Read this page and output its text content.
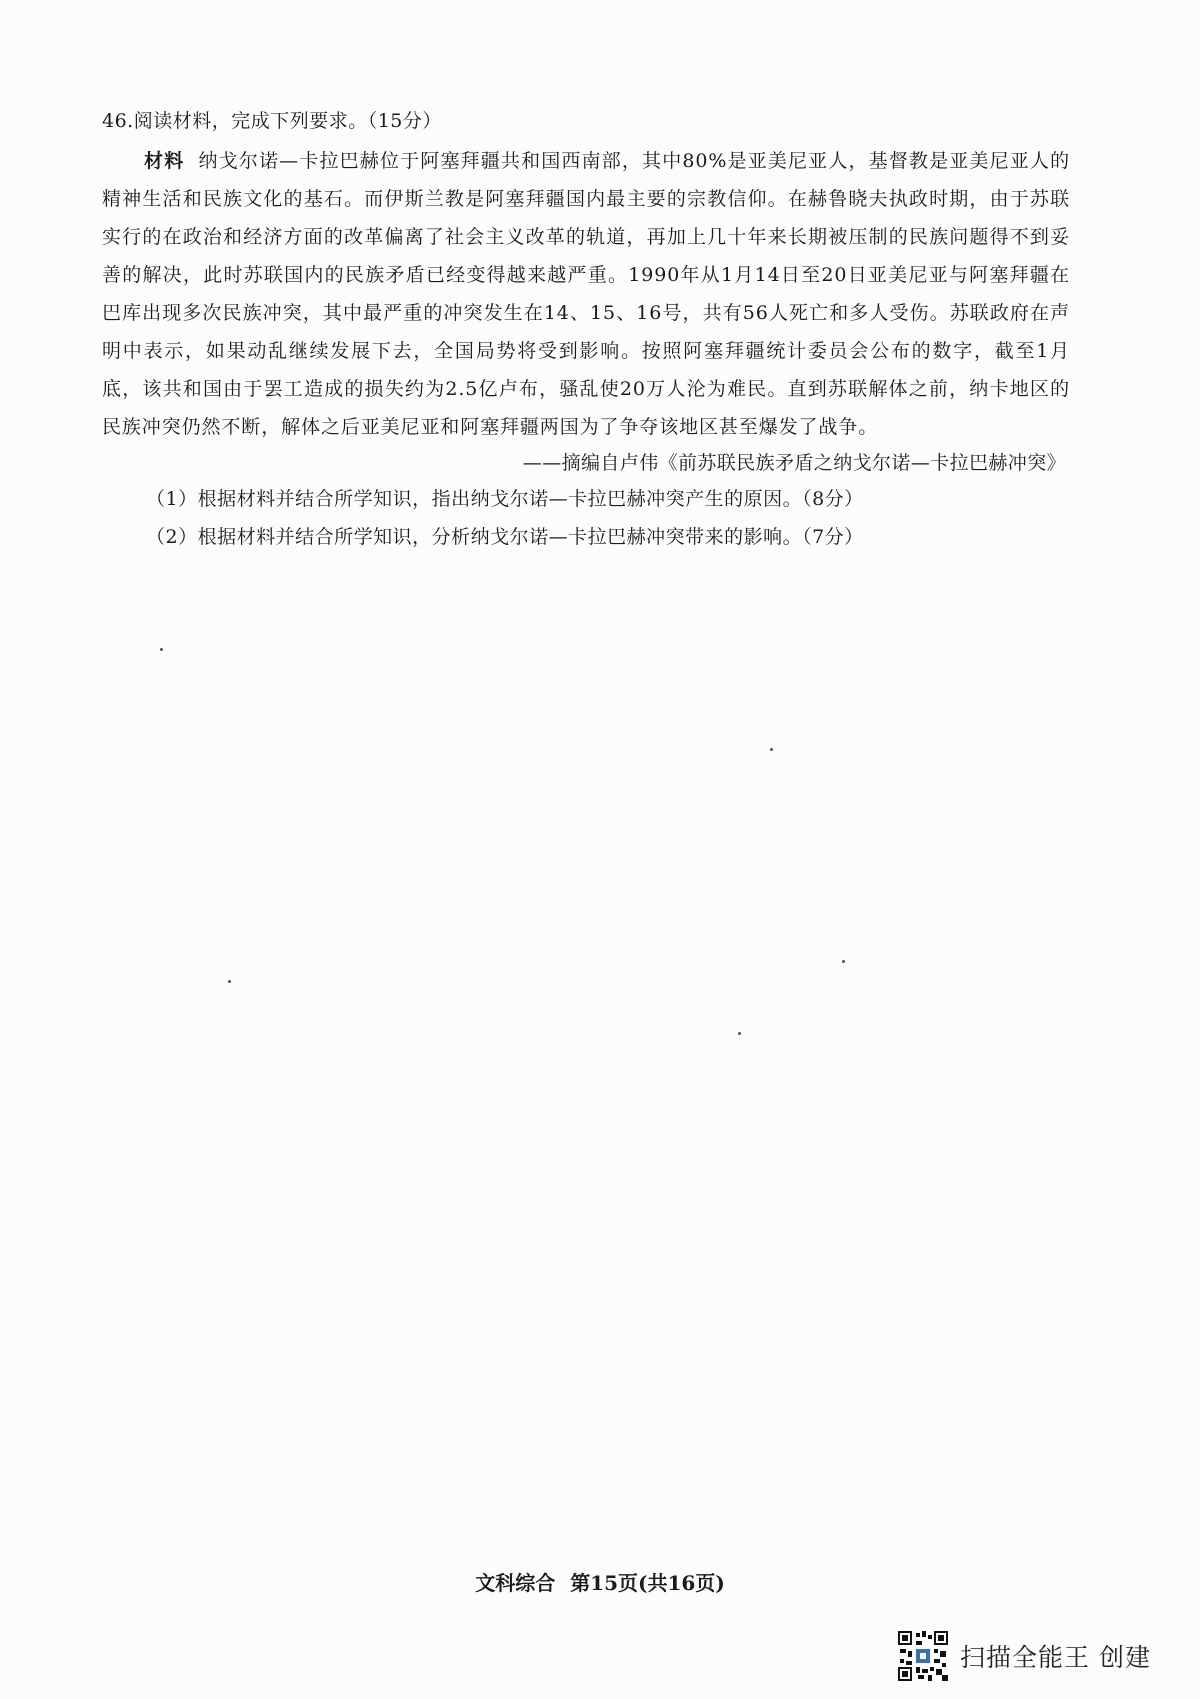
46.阅读材料，完成下列要求。（15分）

材料 纳戈尔诺—卡拉巴赫位于阿塞拜疆共和国西南部，其中80%是亚美尼亚人，基督教是亚美尼亚人的精神生活和民族文化的基石。而伊斯兰教是阿塞拜疆国内最主要的宗教信仰。在赫鲁晓夫执政时期，由于苏联实行的在政治和经济方面的改革偏离了社会主义改革的轨道，再加上几十年来长期被压制的民族问题得不到妥善的解决，此时苏联国内的民族矛盾已经变得越来越严重。1990年从1月14日至20日亚美尼亚与阿塞拜疆在巴库出现多次民族冲突，其中最严重的冲突发生在14、15、16号，共有56人死亡和多人受伤。苏联政府在声明中表示，如果动乱继续发展下去，全国局势将受到影响。按照阿塞拜疆统计委员会公布的数字，截至1月底，该共和国由于罢工造成的损失约为2.5亿卢布，骚乱使20万人沦为难民。直到苏联解体之前，纳卡地区的民族冲突仍然不断，解体之后亚美尼亚和阿塞拜疆两国为了争夺该地区甚至爆发了战争。

——摘编自卢伟《前苏联民族矛盾之纳戈尔诺—卡拉巴赫冲突》

（1）根据材料并结合所学知识，指出纳戈尔诺—卡拉巴赫冲突产生的原因。（8分）

（2）根据材料并结合所学知识，分析纳戈尔诺—卡拉巴赫冲突带来的影响。（7分）

文科综合 第15页(共16页)
扫描全能王 创建
